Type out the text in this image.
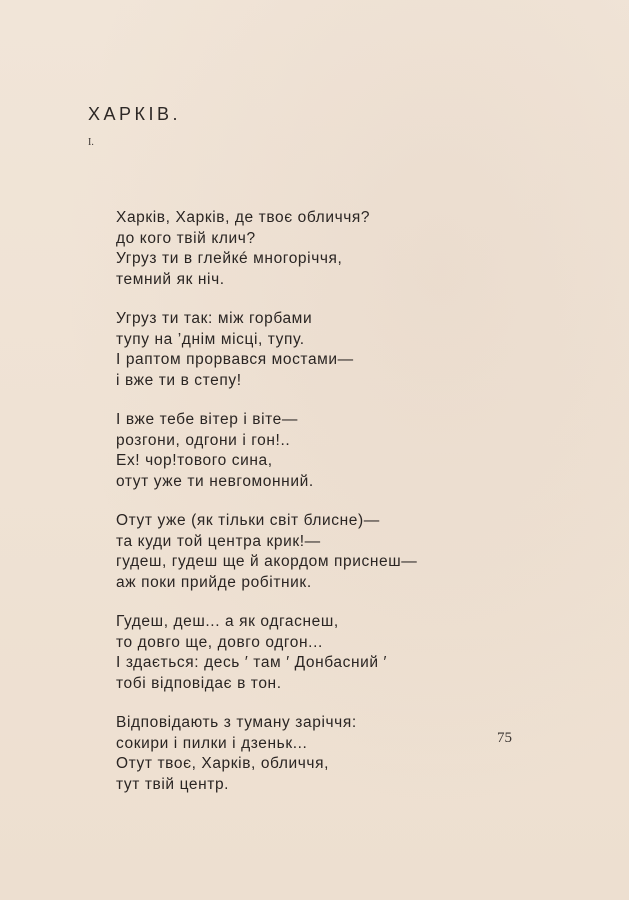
ХАРКІВ.
I.
Харків, Харків, де твоє обличчя?
до кого твій клич?
Угруз ти в глейкé многоріччя,
темний як ніч.
Угруз ти так: між горбами
тупу на ’днім місці, тупу.
І раптом прорвався мостами—
і вже ти в степу!
І вже тебе вітер і віте—
розгони, одгони і гон!..
Ех! чор!тового сина,
отут уже ти невгомонний.
Отут уже (як тільки світ блисне)—
та куди той центра крик!—
гудеш, гудеш ще й акордом приснеш—
аж поки прийде робітник.
Гудеш, деш... а як одгаснеш,
то довго ще, довго одгон...
І здається: десь ′ там ′ Донбасний ′
тобі відповідає в тон.
Відповідають з туману заріччя:
сокири і пилки і дзеньк...
Отут твоє, Харків, обличчя,
тут твій центр.
75
